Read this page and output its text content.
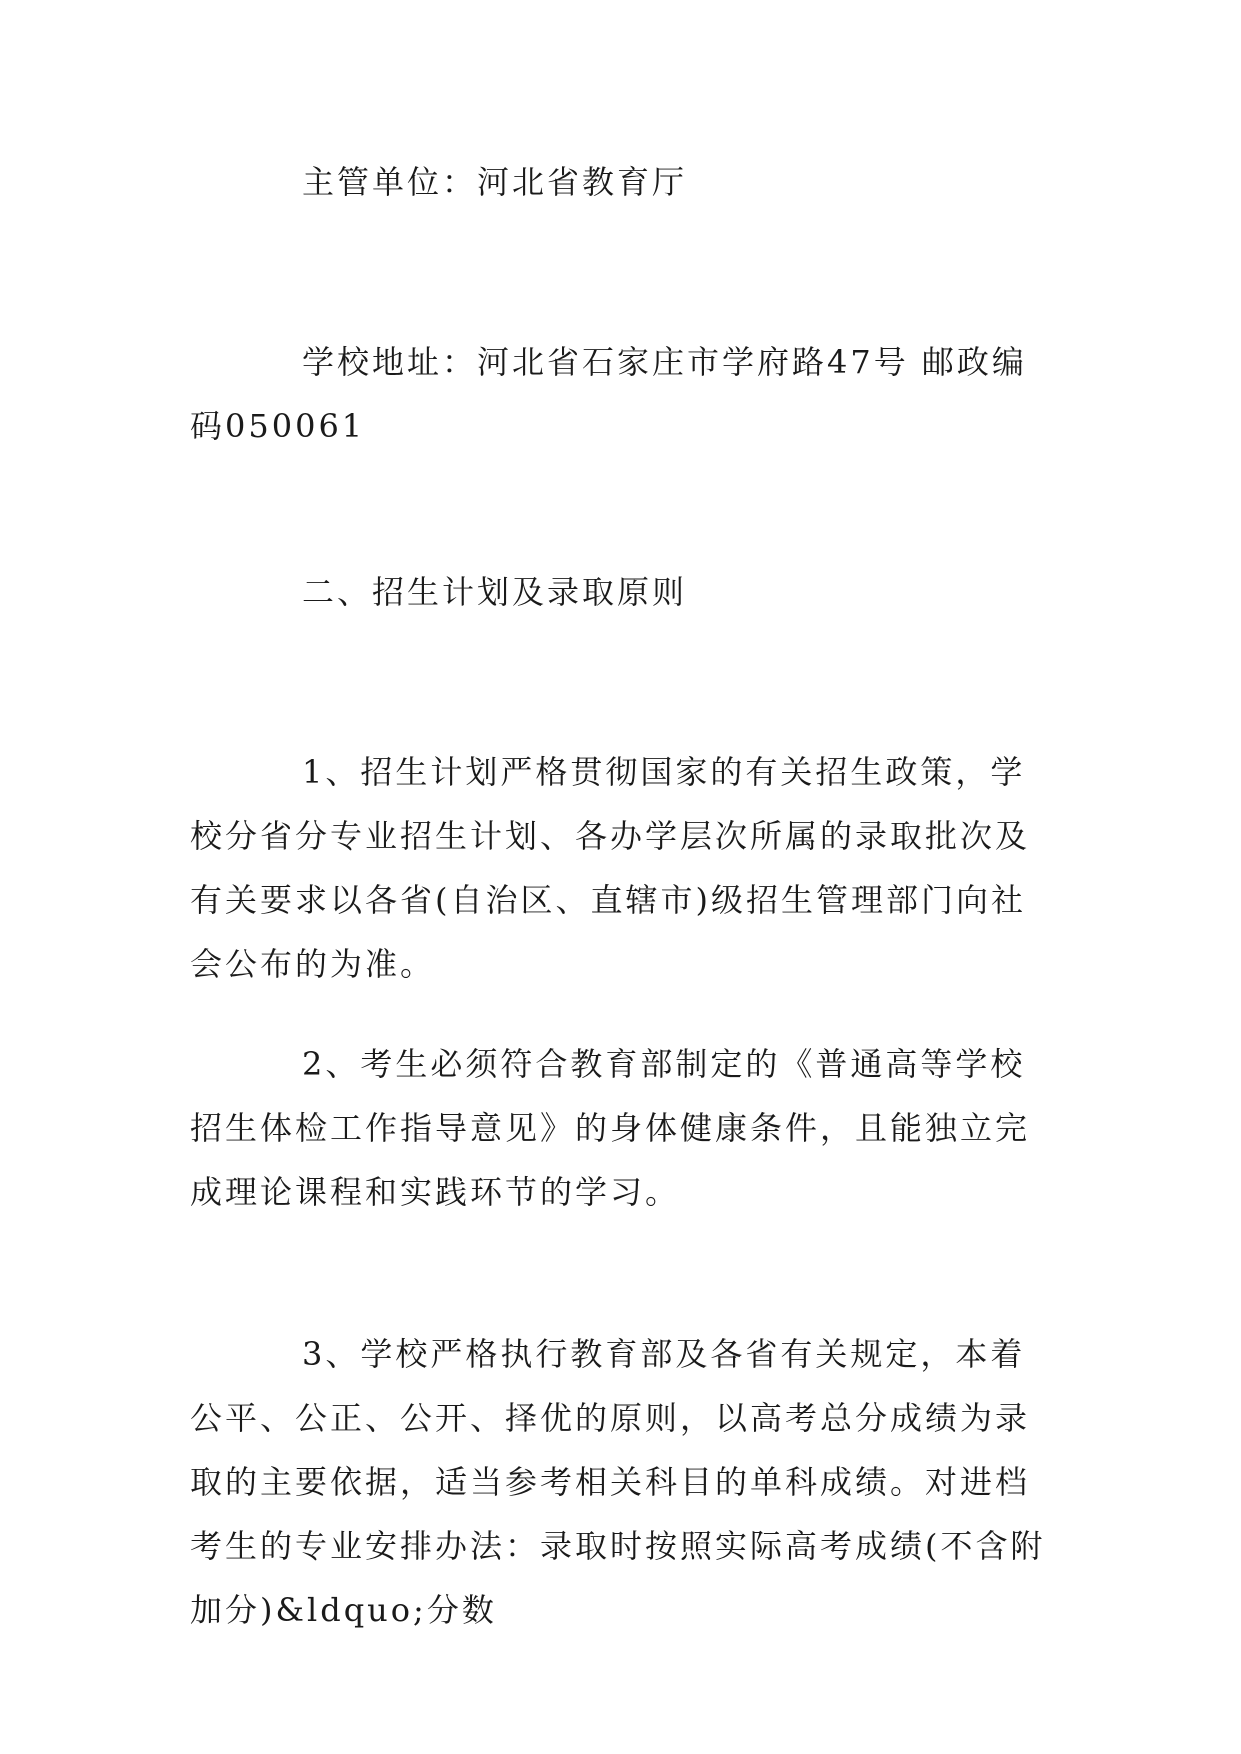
主管单位：河北省教育厅

学校地址：河北省石家庄市学府路47号 邮政编码050061

二、招生计划及录取原则

1、招生计划严格贯彻国家的有关招生政策，学校分省分专业招生计划、各办学层次所属的录取批次及有关要求以各省(自治区、直辖市)级招生管理部门向社会公布的为准。

2、考生必须符合教育部制定的《普通高等学校招生体检工作指导意见》的身体健康条件，且能独立完成理论课程和实践环节的学习。

3、学校严格执行教育部及各省有关规定，本着公平、公正、公开、择优的原则，以高考总分成绩为录取的主要依据，适当参考相关科目的单科成绩。对进档考生的专业安排办法：录取时按照实际高考成绩(不含附加分)&ldquo;分数
